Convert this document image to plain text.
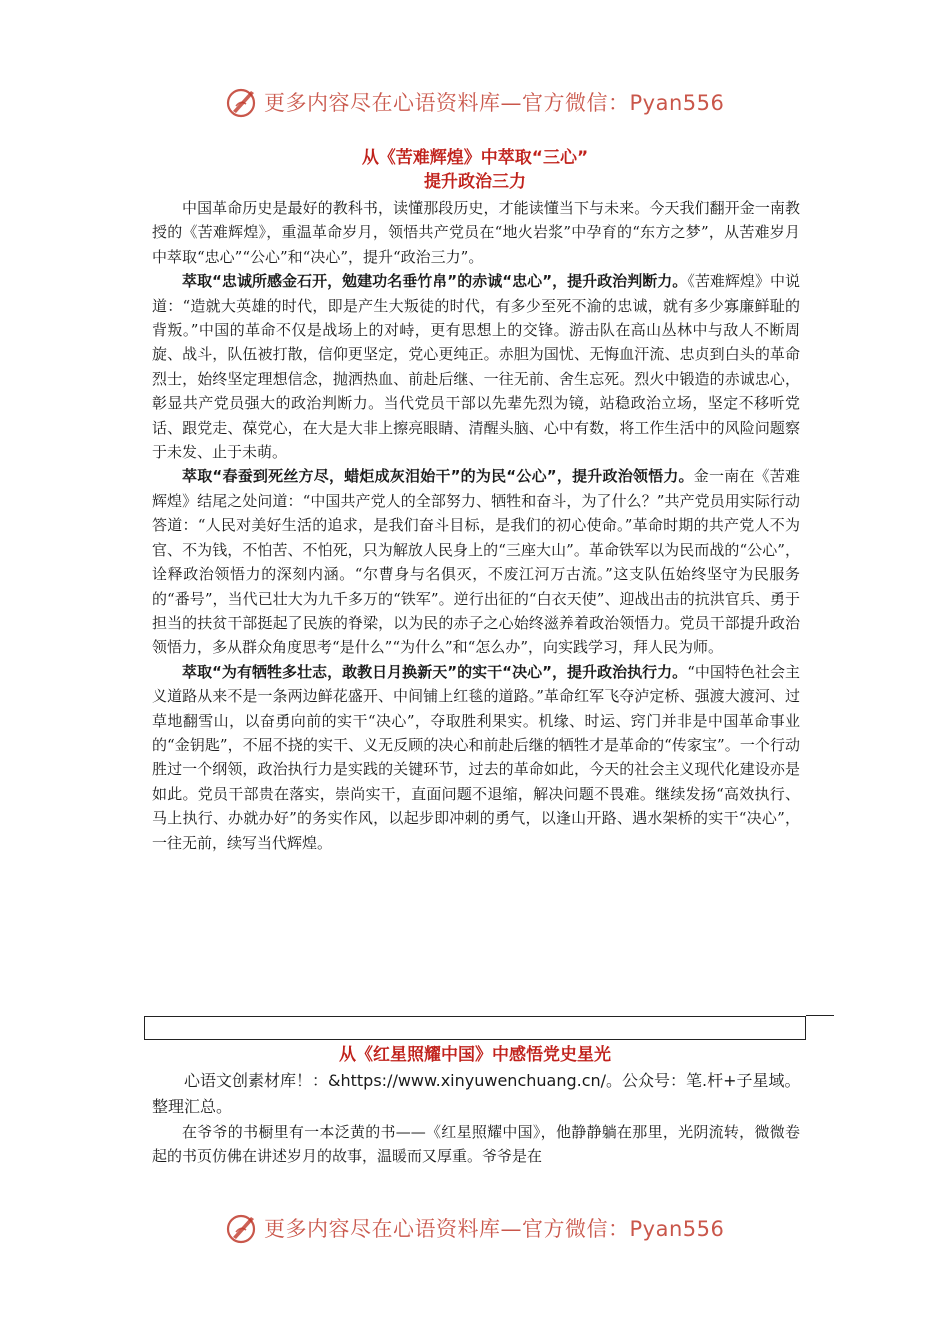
更多内容尽在心语资料库—官方微信：Pyan556
从《苦难辉煌》中萃取“三心”
提升政治三力

中国革命历史是最好的教科书，读懂那段历史，才能读懂当下与未来。今天我们翻开金一南教授的《苦难辉煌》，重温革命岁月，领悟共产党员在“地火岩浆”中孕育的“东方之梦”，从苦难岁月中萃取“忠心”“公心”和“决心”，提升“政治三力”。

萃取“忠诚所感金石开，勉建功名垂竹帛”的赤诚“忠心”，提升政治判断力。《苦难辉煌》中说道：“造就大英雄的时代，即是产生大叛徒的时代，有多少至死不渝的忠诚，就有多少寡廉鲜耻的背叛。”中国的革命不仅是战场上的对峙，更有思想上的交锋。游击队在高山丛林中与敌人不断周旋、战斗，队伍被打散，信仰更坚定，党心更纯正。赤胆为国忧、无悔血汗流、忠贞到白头的革命烈士，始终坚定理想信念，抛洒热血、前赴后继、一往无前、舍生忘死。烈火中锻造的赤诚忠心，彰显共产党员强大的政治判断力。当代党员干部以先辈先烈为镜，站稳政治立场，坚定不移听党话、跟党走、葆党心，在大是大非上擦亮眼睛、清醒头脑、心中有数，将工作生活中的风险问题察于未发、止于未萌。

萃取“春蚕到死丝方尽，蜡炬成灰泪始干”的为民“公心”，提升政治领悟力。金一南在《苦难辉煌》结尾之处问道：“中国共产党人的全部努力、牺牲和奋斗，为了什么？”共产党员用实际行动答道：“人民对美好生活的追求，是我们奋斗目标，是我们的初心使命。”革命时期的共产党人不为官、不为钱，不怕苦、不怕死，只为解放人民身上的“三座大山”。革命铁军以为民而战的“公心”，诠释政治领悟力的深刻内涵。“尔曹身与名俱灭，不废江河万古流。”这支队伍始终坚守为民服务的“番号”，当代已壮大为九千多万的“铁军”。逆行出征的“白衣天使”、迎战出击的抗洪官兵、勇于担当的扶贫干部挺起了民族的脊梁，以为民的赤子之心始终滋养着政治领悟力。党员干部提升政治领悟力，多从群众角度思考“是什么”“为什么”和“怎么办”，向实践学习，拜人民为师。

萃取“为有牺牲多壮志，敢教日月换新天”的实干“决心”，提升政治执行力。“中国特色社会主义道路从来不是一条两边鲜花盛开、中间铺上红毯的道路。”革命红军飞夺泸定桥、强渡大渡河、过草地翻雪山，以奋勇向前的实干“决心”，夺取胜利果实。机缘、时运、窍门并非是中国革命事业的“金钥匙”，不屈不挠的实干、义无反顾的决心和前赴后继的牺牲才是革命的“传家宝”。一个行动胜过一个纲领，政治执行力是实践的关键环节，过去的革命如此，今天的社会主义现代化建设亦是如此。党员干部贵在落实，崇尚实干，直面问题不退缩，解决问题不畏难。继续发扬“高效执行、马上执行、办就办好”的务实作风，以起步即冲刺的勇气，以逢山开路、遇水架桥的实干“决心”，一往无前，续写当代辉煌。

从《红星照耀中国》中感悟党史星光

心语文创素材库！：&https://www.xinyuwenchuang.cn/。公众号：笔.杆+子星域。整理汇总。

在爷爷的书橱里有一本泛黄的书——《红星照耀中国》，他静静躺在那里，光阴流转，微微卷起的书页仿佛在讲述岁月的故事，温暖而又厚重。爷爷是在

更多内容尽在心语资料库—官方微信：Pyan556
